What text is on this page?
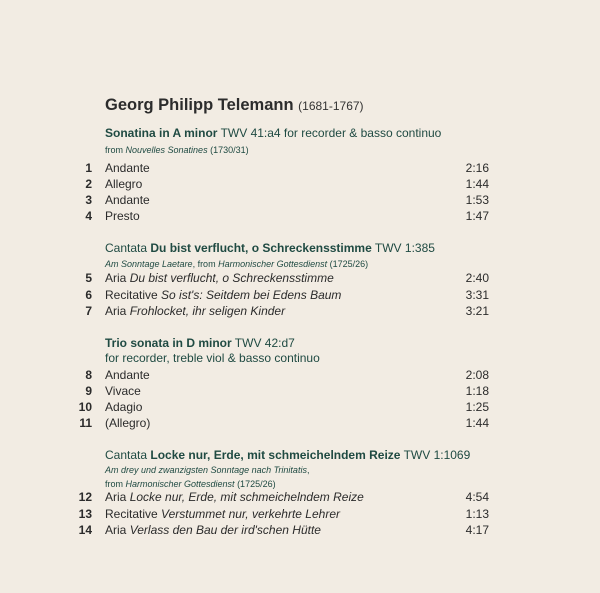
Georg Philipp Telemann (1681-1767)
Sonatina in A minor TWV 41:a4 for recorder & basso continuo
from Nouvelles Sonatines (1730/31)
1 Andante	2:16
2 Allegro	1:44
3 Andante	1:53
4 Presto	1:47
Cantata Du bist verflucht, o Schreckensstimme TWV 1:385
Am Sonntage Laetare, from Harmonischer Gottesdienst (1725/26)
5 Aria Du bist verflucht, o Schreckensstimme	2:40
6 Recitative So ist's: Seitdem bei Edens Baum	3:31
7 Aria Frohlocket, ihr seligen Kinder	3:21
Trio sonata in D minor TWV 42:d7
for recorder, treble viol & basso continuo
8 Andante	2:08
9 Vivace	1:18
10 Adagio	1:25
11 (Allegro)	1:44
Cantata Locke nur, Erde, mit schmeichelndem Reize TWV 1:1069
Am drey und zwanzigsten Sonntage nach Trinitatis,
from Harmonischer Gottesdienst (1725/26)
12 Aria Locke nur, Erde, mit schmeichelndem Reize	4:54
13 Recitative Verstummet nur, verkehrte Lehrer	1:13
14 Aria Verlass den Bau der ird'schen Hütte	4:17
